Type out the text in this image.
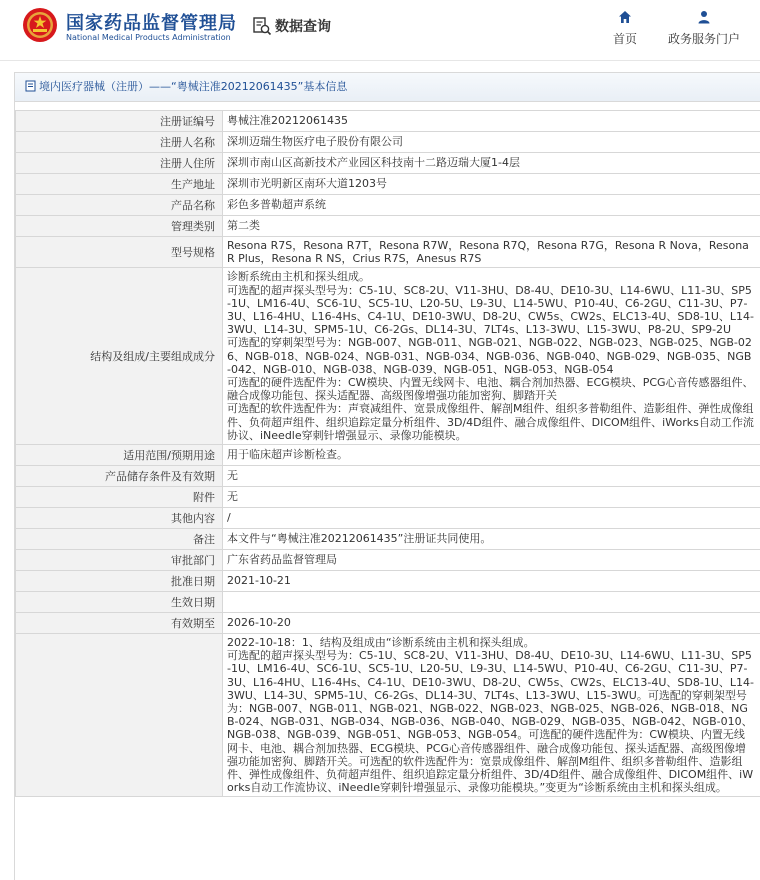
国家药品监督管理局
National Medical Products Administration
数据查询
首页	政务服务门户
境内医疗器械（注册）——“粤械注准20212061435”基本信息
注册证编号	粤械注准20212061435
注册人名称	深圳迈瑞生物医疗电子股份有限公司
注册人住所	深圳市南山区高新技术产业园区科技南十二路迈瑞大厦1-4层
生产地址	深圳市光明新区南环大道1203号
产品名称	彩色多普勒超声系统
管理类别	第二类
型号规格	Resona R7S，Resona R7T，Resona R7W，Resona R7Q，Resona R7G，Resona R Nova，Resona R Plus，Resona R NS，Crius R7S，Anesus R7S
结构及组成/主要组成成分	诊断系统由主机和探头组成。
可选配的超声探头型号为：C5-1U、SC8-2U、V11-3HU、D8-4U、DE10-3U、L14-6WU、L11-3U、SP5-1U、LM16-4U、SC6-1U、SC5-1U、L20-5U、L9-3U、L14-5WU、P10-4U、C6-2GU、C11-3U、P7-3U、L16-4HU、L16-4Hs、C4-1U、DE10-3WU、D8-2U、CW5s、CW2s、ELC13-4U、SD8-1U、L14-3WU、L14-3U、SPM5-1U、C6-2Gs、DL14-3U、7LT4s、L13-3WU、L15-3WU、P8-2U、SP9-2U
可选配的穿刺架型号为：NGB-007、NGB-011、NGB-021、NGB-022、NGB-023、NGB-025、NGB-026、NGB-018、NGB-024、NGB-031、NGB-034、NGB-036、NGB-040、NGB-029、NGB-035、NGB-042、NGB-010、NGB-038、NGB-039、NGB-051、NGB-053、NGB-054
可选配的硬件选配件为：CW模块、内置无线网卡、电池、耦合剂加热器、ECG模块、PCG心音传感器组件、融合成像功能包、探头适配器、高级图像增强功能加密狗、脚踏开关
可选配的软件选配件为：声衰减组件、宽景成像组件、解剖M组件、组织多普勒组件、造影组件、弹性成像组件、负荷超声组件、组织追踪定量分析组件、3D/4D组件、融合成像组件、DICOM组件、iWorks自动工作流协议、iNeedle穿刺针增强显示、录像功能模块。
适用范围/预期用途	用于临床超声诊断检查。
产品储存条件及有效期	无
附件	无
其他内容	/
备注	本文件与“粤械注准20212061435”注册证共同使用。
审批部门	广东省药品监督管理局
批准日期	2021-10-21
生效日期	
有效期至	2026-10-20
	2022-10-18：1、结构及组成由“诊断系统由主机和探头组成。
可选配的超声探头型号为：C5-1U、SC8-2U、V11-3HU、D8-4U、DE10-3U、L14-6WU、L11-3U、SP5-1U、LM16-4U、SC6-1U、SC5-1U、L20-5U、L9-3U、L14-5WU、P10-4U、C6-2GU、C11-3U、P7-3U、L16-4HU、L16-4Hs、C4-1U、DE10-3WU、D8-2U、CW5s、CW2s、ELC13-4U、SD8-1U、L14-3WU、L14-3U、SPM5-1U、C6-2Gs、DL14-3U、7LT4s、L13-3WU、L15-3WU。可选配的穿刺架型号为：NGB-007、NGB-011、NGB-021、NGB-022、NGB-023、NGB-025、NGB-026、NGB-018、NGB-024、NGB-031、NGB-034、NGB-036、NGB-040、NGB-029、NGB-035、NGB-042、NGB-010、NGB-038、NGB-039、NGB-051、NGB-053、NGB-054。可选配的硬件选配件为：CW模块、内置无线网卡、电池、耦合剂加热器、ECG模块、PCG心音传感器组件、融合成像功能包、探头适配器、高级图像增强功能加密狗、脚踏开关。可选配的软件选配件为：宽景成像组件、解剖M组件、组织多普勒组件、造影组件、弹性成像组件、负荷超声组件、组织追踪定量分析组件、3D/4D组件、融合成像组件、DICOM组件、iWorks自动工作流协议、iNeedle穿刺针增强显示、录像功能模块。”变更为“诊断系统由主机和探头组成。
